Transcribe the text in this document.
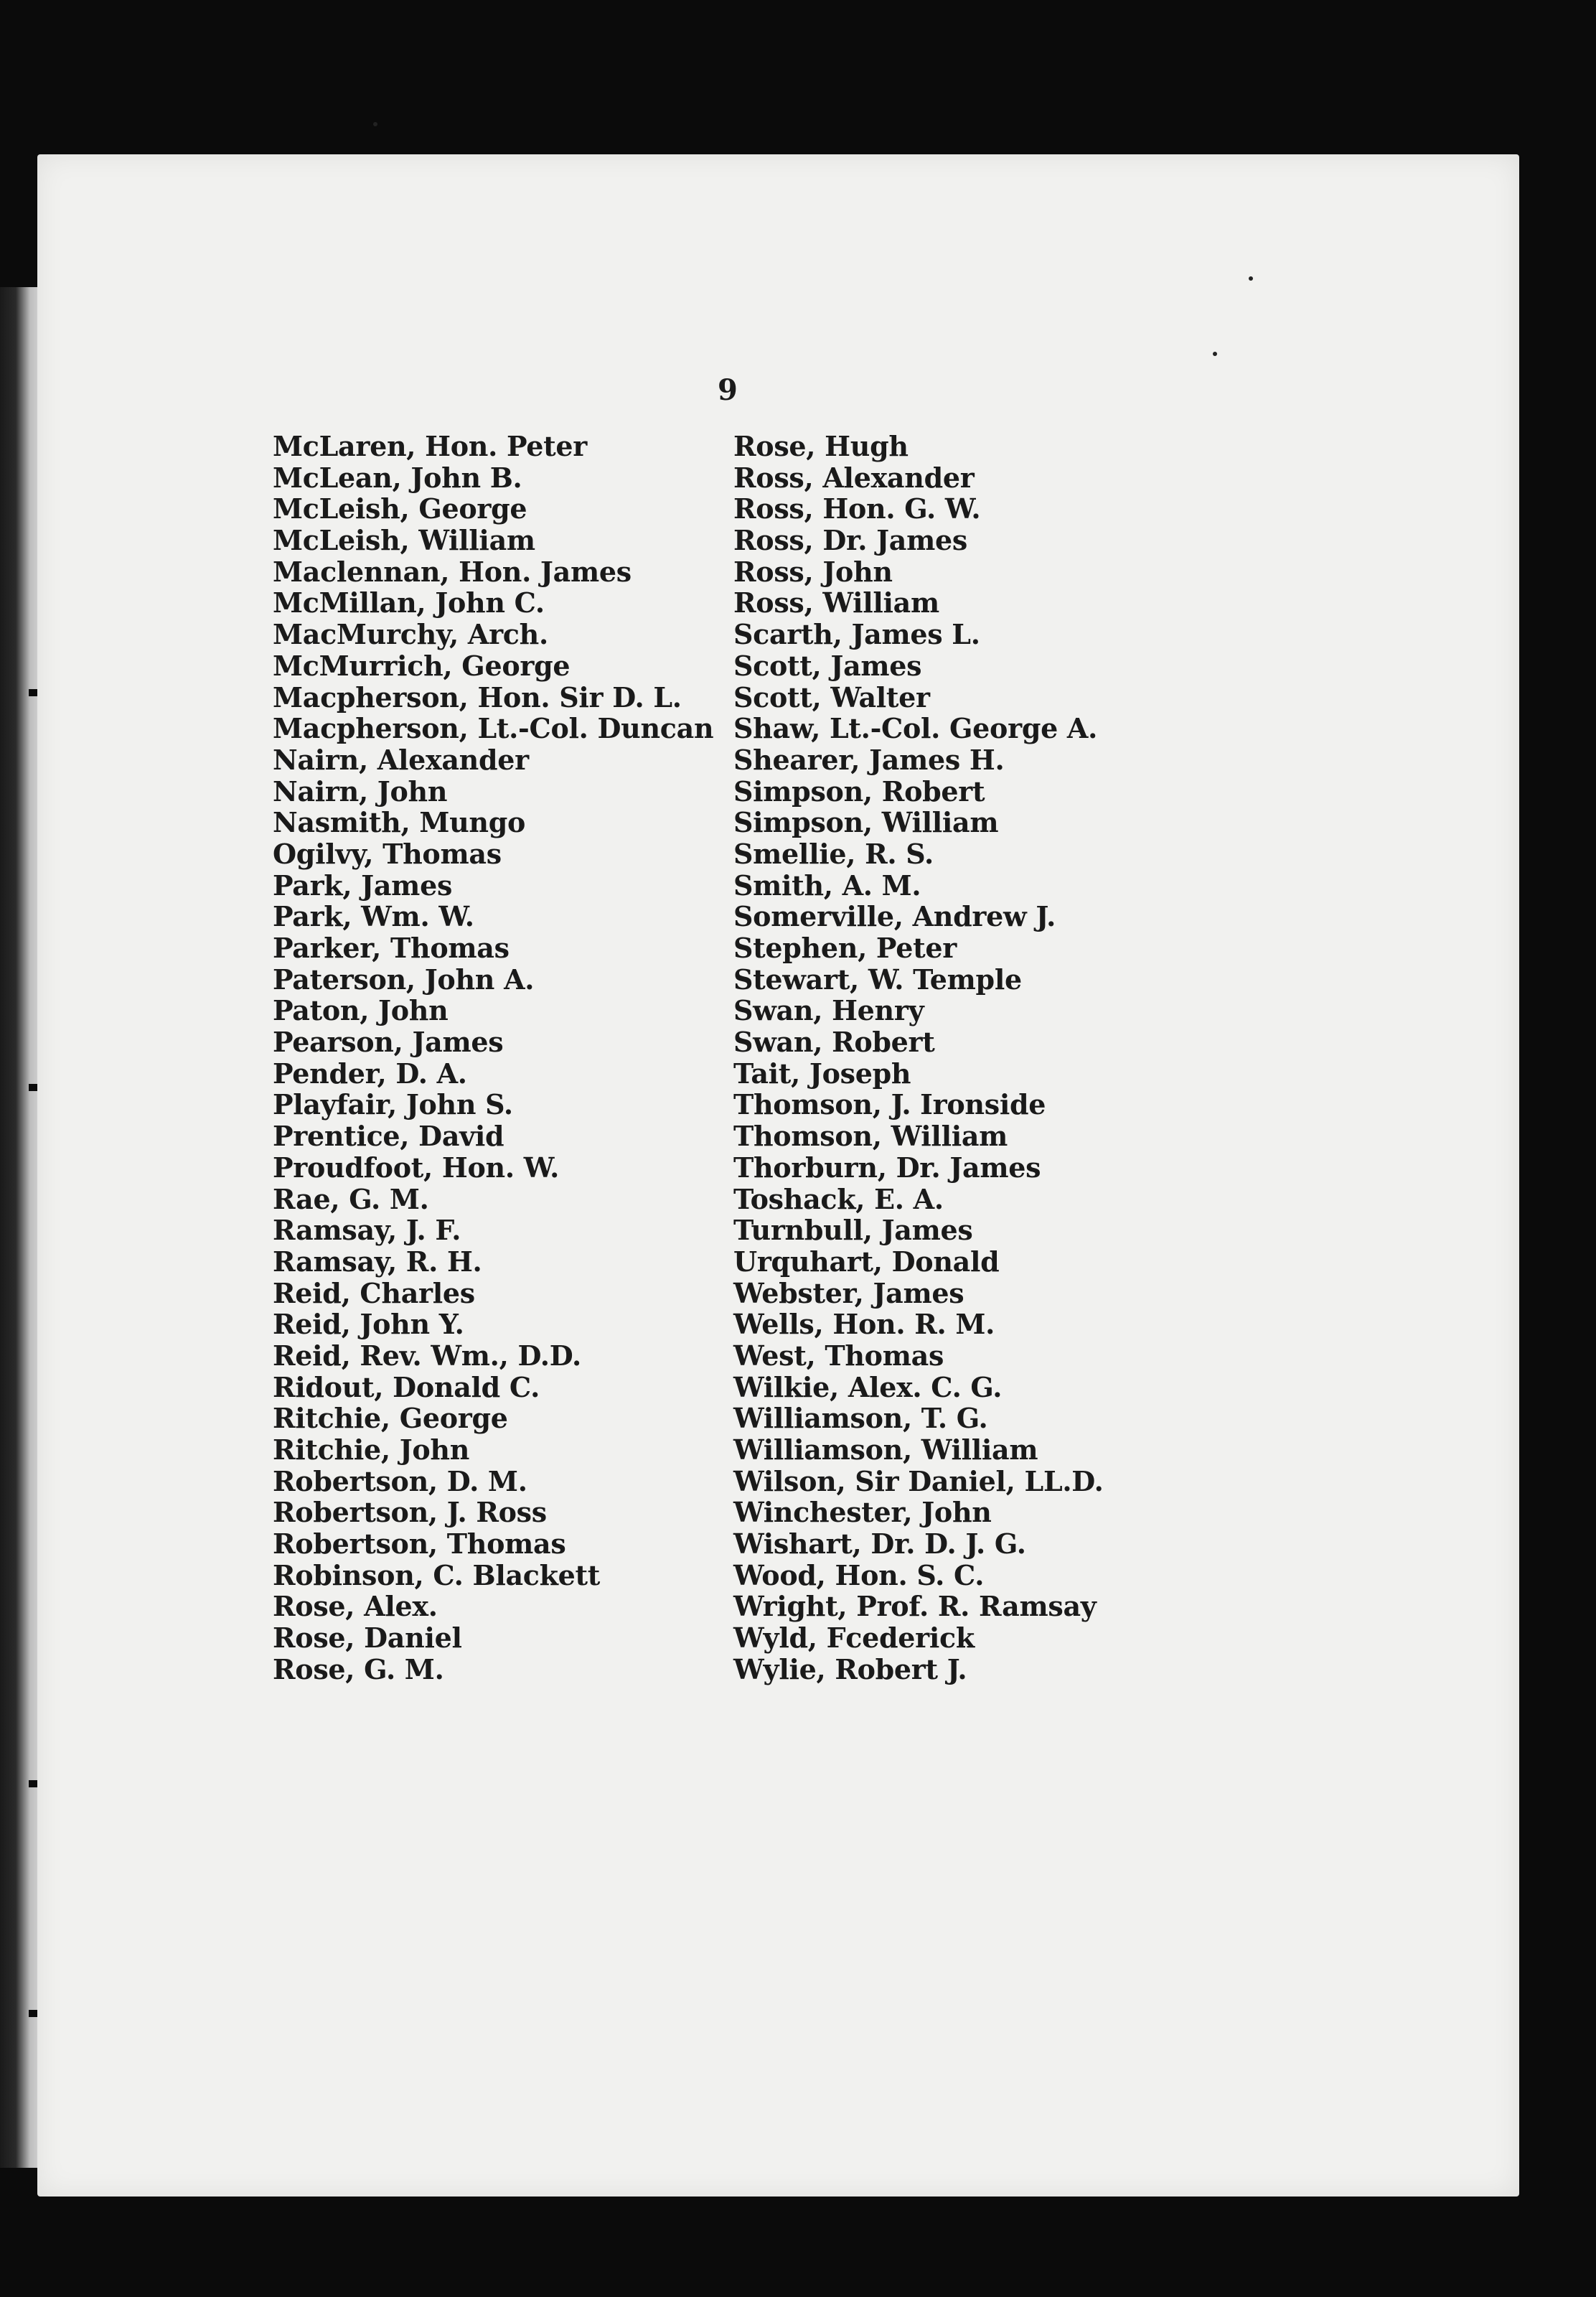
9
McLaren, Hon. Peter
McLean, John B.
McLeish, George
McLeish, William
Maclennan, Hon. James
McMillan, John C.
MacMurchy, Arch.
McMurrich, George
Macpherson, Hon. Sir D. L.
Macpherson, Lt.-Col. Duncan
Nairn, Alexander
Nairn, John
Nasmith, Mungo
Ogilvy, Thomas
Park, James
Park, Wm. W.
Parker, Thomas
Paterson, John A.
Paton, John
Pearson, James
Pender, D. A.
Playfair, John S.
Prentice, David
Proudfoot, Hon. W.
Rae, G. M.
Ramsay, J. F.
Ramsay, R. H.
Reid, Charles
Reid, John Y.
Reid, Rev. Wm., D.D.
Ridout, Donald C.
Ritchie, George
Ritchie, John
Robertson, D. M.
Robertson, J. Ross
Robertson, Thomas
Robinson, C. Blackett
Rose, Alex.
Rose, Daniel
Rose, G. M.
Rose, Hugh
Ross, Alexander
Ross, Hon. G. W.
Ross, Dr. James
Ross, John
Ross, William
Scarth, James L.
Scott, James
Scott, Walter
Shaw, Lt.-Col. George A.
Shearer, James H.
Simpson, Robert
Simpson, William
Smellie, R. S.
Smith, A. M.
Somerville, Andrew J.
Stephen, Peter
Stewart, W. Temple
Swan, Henry
Swan, Robert
Tait, Joseph
Thomson, J. Ironside
Thomson, William
Thorburn, Dr. James
Toshack, E. A.
Turnbull, James
Urquhart, Donald
Webster, James
Wells, Hon. R. M.
West, Thomas
Wilkie, Alex. C. G.
Williamson, T. G.
Williamson, William
Wilson, Sir Daniel, LL.D.
Winchester, John
Wishart, Dr. D. J. G.
Wood, Hon. S. C.
Wright, Prof. R. Ramsay
Wyld, Fcederick
Wylie, Robert J.
